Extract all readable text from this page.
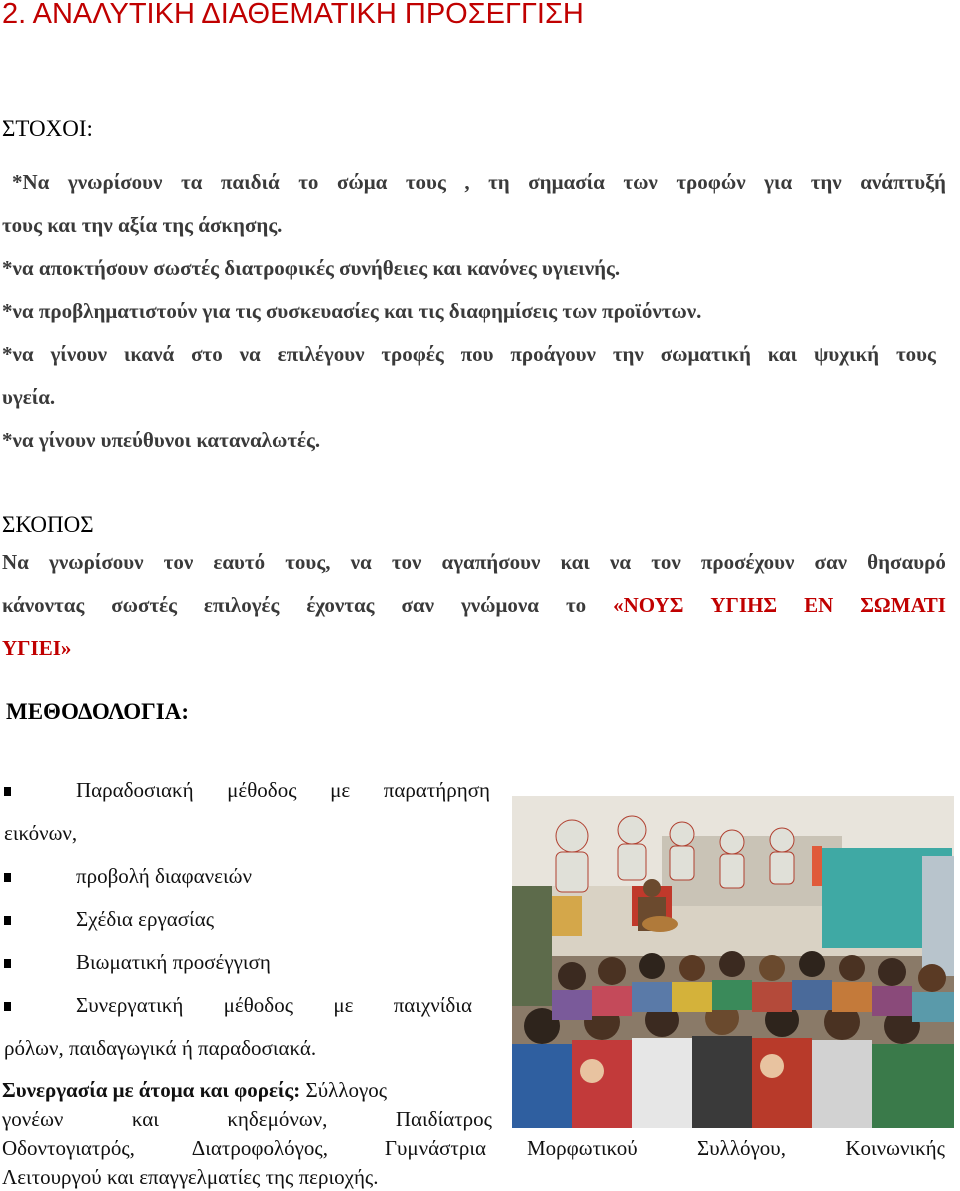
2. ΑΝΑΛΥΤΙΚΗ ΔΙΑΘΕΜΑΤΙΚΗ ΠΡΟΣΕΓΓΙΣΗ
ΣΤΟΧΟΙ:
*Να γνωρίσουν τα παιδιά το σώμα τους , τη σημασία των τροφών για την ανάπτυξή
τους και την αξία της άσκησης.
*να αποκτήσουν σωστές διατροφικές συνήθειες και κανόνες υγιεινής.
*να προβληματιστούν για τις συσκευασίες και τις διαφημίσεις των προϊόντων.
*να γίνουν ικανά στο να επιλέγουν τροφές που προάγουν την σωματική και ψυχική τους
υγεία.
*να γίνουν υπεύθυνοι καταναλωτές.
ΣΚΟΠΟΣ
Να γνωρίσουν τον εαυτό τους, να τον αγαπήσουν και να τον προσέχουν σαν θησαυρό
κάνοντας σωστές επιλογές έχοντας σαν γνώμονα το «ΝΟΥΣ ΥΓΙΗΣ ΕΝ ΣΩΜΑΤΙ
ΥΓΙΕΙ»
ΜΕΘΟΔΟΛΟΓΙΑ:
Παραδοσιακή μέθοδος με παρατήρηση
εικόνων,
προβολή διαφανειών
Σχέδια εργασίας
Βιωματική προσέγγιση
Συνεργατική μέθοδος με παιχνίδια
ρόλων, παιδαγωγικά ή παραδοσιακά.
Συνεργασία με άτομα και φορείς: Σύλλογος
γονέων	και	κηδεμόνων,	Παιδίατρος
Οδοντογιατρός,	Διατροφολόγος,	Γυμνάστρια Μορφωτικού	Συλλόγου,	Κοινωνικής
Λειτουργού και επαγγελματίες της περιοχής.
